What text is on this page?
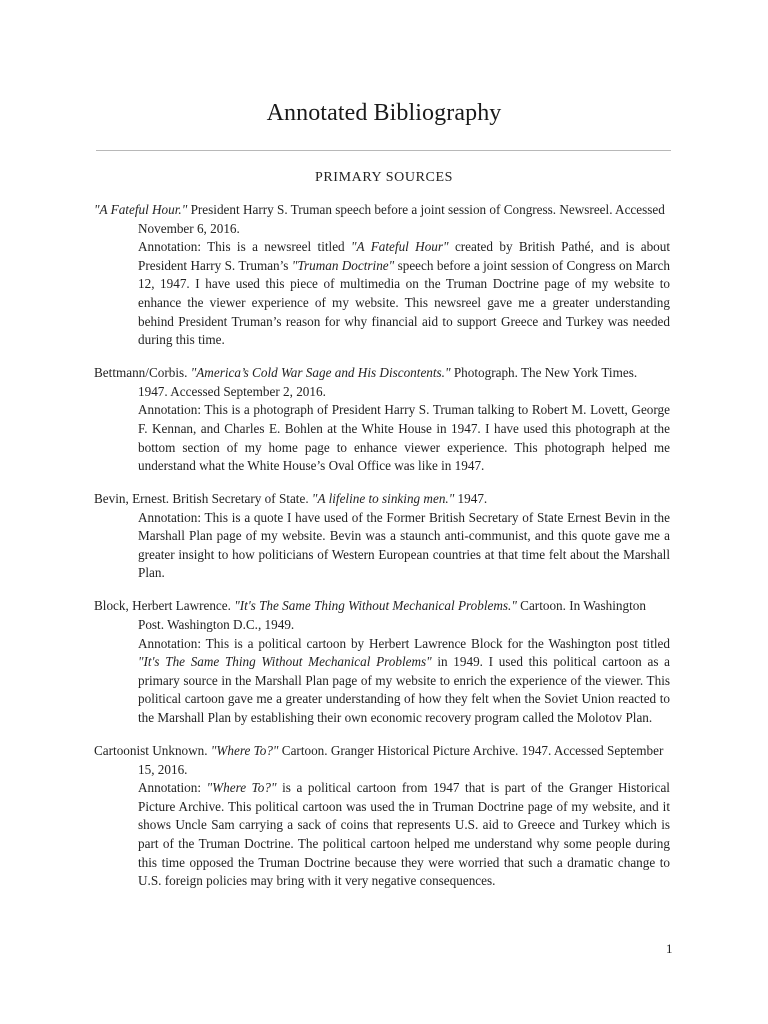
Annotated Bibliography
PRIMARY SOURCES
"A Fateful Hour." President Harry S. Truman speech before a joint session of Congress. Newsreel. Accessed November 6, 2016.
Annotation: This is a newsreel titled "A Fateful Hour" created by British Pathé, and is about President Harry S. Truman’s "Truman Doctrine" speech before a joint session of Congress on March 12, 1947. I have used this piece of multimedia on the Truman Doctrine page of my website to enhance the viewer experience of my website. This newsreel gave me a greater understanding behind President Truman’s reason for why financial aid to support Greece and Turkey was needed during this time.
Bettmann/Corbis. "America’s Cold War Sage and His Discontents." Photograph. The New York Times. 1947. Accessed September 2, 2016.
Annotation: This is a photograph of President Harry S. Truman talking to Robert M. Lovett, George F. Kennan, and Charles E. Bohlen at the White House in 1947. I have used this photograph at the bottom section of my home page to enhance viewer experience. This photograph helped me understand what the White House’s Oval Office was like in 1947.
Bevin, Ernest. British Secretary of State. "A lifeline to sinking men." 1947.
Annotation: This is a quote I have used of the Former British Secretary of State Ernest Bevin in the Marshall Plan page of my website. Bevin was a staunch anti-communist, and this quote gave me a greater insight to how politicians of Western European countries at that time felt about the Marshall Plan.
Block, Herbert Lawrence. "It's The Same Thing Without Mechanical Problems." Cartoon. In Washington Post. Washington D.C., 1949.
Annotation: This is a political cartoon by Herbert Lawrence Block for the Washington post titled "It's The Same Thing Without Mechanical Problems" in 1949. I used this political cartoon as a primary source in the Marshall Plan page of my website to enrich the experience of the viewer. This political cartoon gave me a greater understanding of how they felt when the Soviet Union reacted to the Marshall Plan by establishing their own economic recovery program called the Molotov Plan.
Cartoonist Unknown. "Where To?" Cartoon. Granger Historical Picture Archive. 1947. Accessed September 15, 2016.
Annotation: "Where To?" is a political cartoon from 1947 that is part of the Granger Historical Picture Archive. This political cartoon was used the in Truman Doctrine page of my website, and it shows Uncle Sam carrying a sack of coins that represents U.S. aid to Greece and Turkey which is part of the Truman Doctrine. The political cartoon helped me understand why some people during this time opposed the Truman Doctrine because they were worried that such a dramatic change to U.S. foreign policies may bring with it very negative consequences.
1
